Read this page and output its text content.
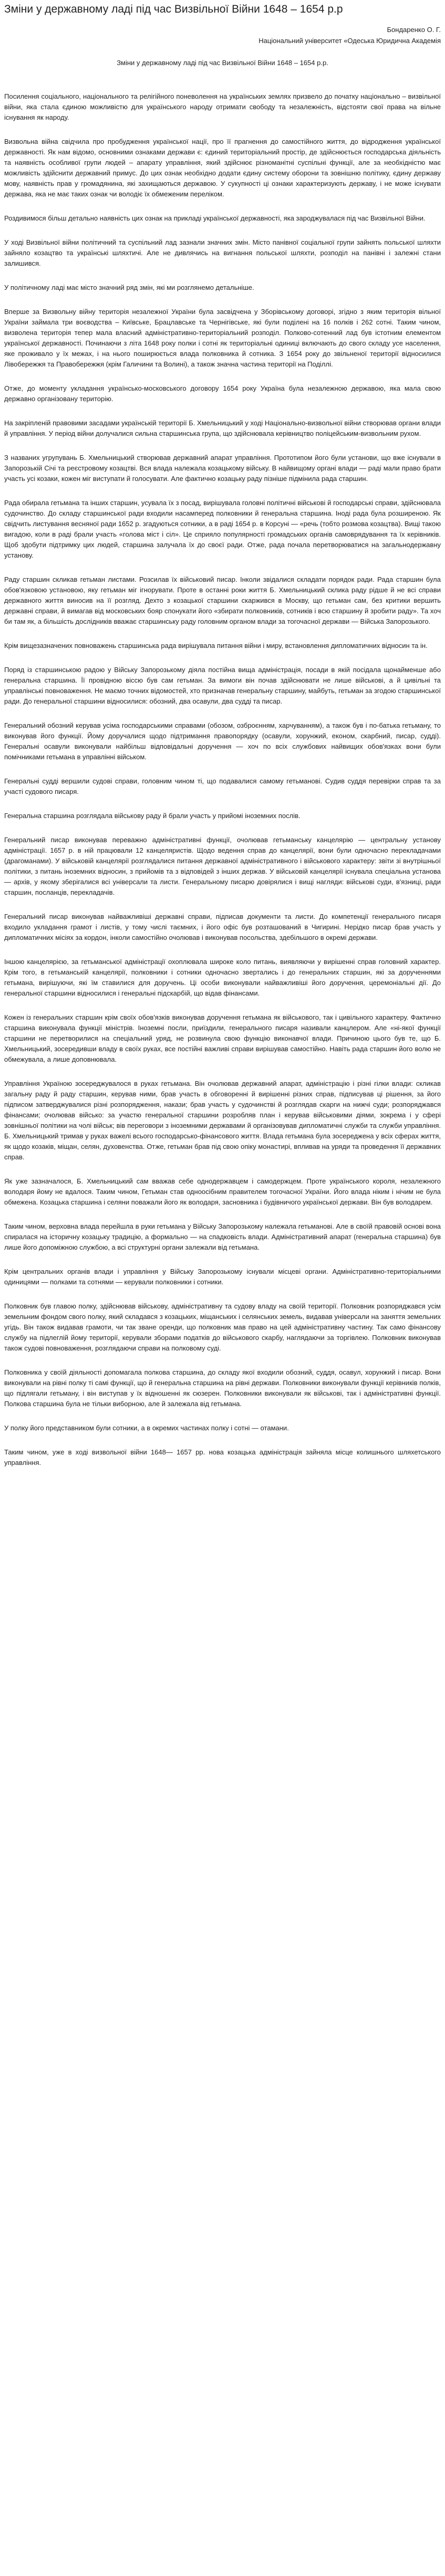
Зміни у державному ладі під час Визвільної Війни 1648 – 1654 р.р
Бондаренко О. Г.
Національний університет «Одеська Юридична Академія
Зміни у державному ладі під час Визвільної Війни 1648 – 1654 р.р.

Посилення соціального, національного та релігійного поневолення на українських землях призвело до початку національно – визвільної війни, яка стала єдиною можливістю для українського народу отримати свободу та незалежність, відстояти свої права на вільне існування як народу.

Визвольна війна свідчила про пробудження української нації, про її прагнення до самостійного життя, до відродження української державності. Як нам відомо, основними ознаками держави є: єдиний територіальний простір, де здійснюється господарська діяльність та наявність особливої групи людей – апарату управління, який здійснює різноманітні суспільні функції, але за необхідністю має можливість здійснити державний примус. До цих ознак необхідно додати єдину систему оборони та зовнішню політику, єдину державу мову, наявність прав у громадянина, які захищаються державою. У сукупності ці ознаки характеризують державу, і не може існувати держава, яка не має таких ознак чи володіє їх обмеженим переліком.

Роздивимося більш детально наявність цих ознак на прикладі української державності, яка зароджувалася під час Визвільної Війни.

У ході Визвільної війни політичний та суспільний лад зазнали значних змін. Місто панівної соціальної групи зайнять польської шляхти зайняло козацтво та українські шляхтичі. Але не дивлячись на вигнання польської шляхти, розподіл на панівні і залежні стани залишився.

У політичному ладі має місто значний ряд змін, які ми розглянемо детальніше.

Вперше за Визвольну війну територія незалежної України була засвідчена у Зборівському договорі, згідно з яким територія вільної України займала три воєводства – Київське, Брацлавське та Чернігівське, які були поділені на 16 полків і 262 сотні. Таким чином, визволена територія тепер мала власний адміністративно-територіальний розподіл. Полково-сотенний лад був істотним елементом української державності. Починаючи з літа 1648 року полки і сотні як територіальні одиниці включають до свого складу усе населення, яке проживало у їх межах, і на нього поширюється влада полковника й сотника. З 1654 року до звільненої території відносилися Лівобережжя та Правобережжя (крім Галичини та Волині), а також значна частина території на Поділлі.

Отже, до моменту укладання українсько-московського договору 1654 року Україна була незалежною державою, яка мала свою державно організовану територію.

На закріпленій правовими засадами українській території Б. Хмельницький у ході Національно-визвольної війни створював органи влади й управління. У період війни долучалися сильна старшинська група, що здійснювала керівництво поліцейським-визвольним рухом.

З названих угрупувань Б. Хмельницький створював державний апарат управління. Прототипом його були установи, що вже існували в Запорозькій Січі та реєстровому козацтві. Вся влада належала козацькому війську. В найвищому органі влади — раді мали право брати участь усі козаки, кожен міг виступати й голосувати. Але фактично козацьку раду пізніше підмінила рада старшин.

Рада обирала гетьмана та інших старшин, усувала їх з посад, вирішувала головні політичні військові й господарські справи, здійснювала судочинство. До складу старшинської ради входили насамперед полковники й генеральна старшина. Іноді рада була розширеною. Як свідчить листування весняної ради 1652 р. згадуються сотники, а в раді 1654 р. в Корсуні — «речь (тобто розмова козацтва). Вищі такою вигадою, коли в раді брали участь «голова міст і сіл». Це сприяло популярності громадських органів самоврядування та їх керівників. Щоб здобути підтримку цих людей, старшина залучала їх до своєї ради. Отже, рада почала перетворюватися на загальнодержавну установу.

Раду старшин скликав гетьман листами. Розсилав їх військовий писар. Інколи звідалися складати порядок ради. Рада старшин була обов'язковою установою, яку гетьман міг ігнорувати. Проте в останні роки життя Б. Хмельницький склика раду рідше й не всі справи державного життя виносив на її розгляд. Дехто з козацької старшини скаржився в Москву, що гетьман сам, без критики вершить державні справи, й вимагав від московських бояр спонукати його «збирати полковників, сотників і всю старшину й зробити раду». Та хоч би там як, а більшість дослідників вважає старшинську раду головним органом влади за тогочасної держави — Війська Запорозького.

Крім вищезазначених повноважень старшинська рада вирішувала питання війни і миру, встановлення дипломатичних відносин та ін.

Поряд із старшинською радою у Війську Запорозькому діяла постійна вища адміністрація, посади в якій посідала щонайменше або генеральна старшина. Її провідною віссю був сам гетьман. За вимоги він почав здійснювати не лише військові, а й цивільні та управлінські повноваження. Не маємо точних відомостей, хто призначав генеральну старшину, майбуть, гетьман за згодою старшинської ради. До генеральної старшини відносилися: обозний, два осавули, два судді та писар.

Генеральний обозний керував усіма господарськими справами (обозом, озброєнням, харчуванням), а також був і по-батька гетьману, то виконував його функції. Йому доручалися щодо підтримання правопорядку (осавули, хорунжий, економ, скарбний, писар, судді). Генеральні осавули виконували найбільш відповідальні доручення — хоч по всіх службових найвищих обов'язках вони були помічниками гетьмана в управлінні військом.

Генеральні судді вершили судові справи, головним чином ті, що подавалися самому гетьманові. Судив суддя перевірки справ та за участі судового писаря.

Генеральна старшина розглядала військову раду й брали участь у прийомі іноземних послів.

Генеральний писар виконував переважно адміністративні функції, очолював гетьманську канцелярію — центральну установу адміністрації. 1657 р. в ній працювали 12 канцеляристів. Щодо ведення справ до канцелярії, вони були одночасно перекладачами (драгоманами). У військовій канцелярії розглядалися питання державної адміністративного і військового характеру: звіти зі внутрішньої політики, з питань іноземних відносин, з прийомів та з відповідей з інших держав. У військовій канцелярії існувала спеціальна установа — архів, у якому зберігалися всі універсали та листи. Генеральному писарю довірялися і вищі нагляди: військові суди, в'язниці, ради старшин, посланців, перекладачів.

Генеральний писар виконував найважливіші державні справи, підписав документи та листи. До компетенції генерального писаря входило укладання грамот і листів, у тому числі таємних, і його офіс був розташований в Чигирині. Нерідко писар брав участь у дипломатичних місіях за кордон, інколи самостійно очолював і виконував посольства, здебільшого в окремі держави.

Іншою канцелярією, за гетьманської адміністрації охоплювала широке коло питань, виявляючи у вирішенні справ головний характер. Крім того, в гетьманській канцелярії, полковники і сотники одночасно звертались і до генеральних старшин, які за дорученнями гетьмана, вирішуючи, які їм ставилися для доручень. Ці особи виконували найважливіші його доручення, церемоніальні дії. До генеральної старшини відносилися і генеральні підскарбій, що відав фінансами.

Кожен із генеральних старшин крім своїх обов'язків виконував доручення гетьмана як військового, так і цивільного характеру. Фактично старшина виконувала функції міністрів. Іноземні посли, приїздили, генерального писаря називали канцлером. Але «ні-якої функції старшини не перетворилися на спеціальний уряд, не розвинула свою функцію виконавчої влади. Причиною цього був те, що Б. Хмельницький, зосередивши владу в своїх руках, все постійні важливі справи вирішував самостійно. Навіть рада старшин його волю не обмежувала, а лише доповнювала.

Управління Україною зосереджувалося в руках гетьмана. Він очолював державний апарат, адміністрацію і різні гілки влади: скликав загальну раду й раду старшин, керував ними, брав участь в обговоренні й вирішенні різних справ, підписував ці рішення, за його підписом затверджувалися різні розпорядження, накази; брав участь у судочинстві й розглядав скарги на нижчі суди; розпоряджався фінансами; очолював військо: за участю генеральної старшини розробляв план і керував військовими діями, зокрема і у сфері зовнішньої політики на чолі військ; вів переговори з іноземними державами й організовував дипломатичні служби та служби управління. Б. Хмельницький тримав у руках важелі всього господарсько-фінансового життя. Влада гетьмана була зосереджена у всіх сферах життя, як щодо козаків, міщан, селян, духовенства. Отже, гетьман брав під свою опіку монастирі, впливав на уряди та проведення її державних справ.

Як уже зазначалося, Б. Хмельницький сам вважав себе однодержавцем і самодержцем. Проте українського короля, незалежного володаря йому не вдалося. Таким чином, Гетьман став одноосібним правителем тогочасної України. Його влада ніким і нічим не була обмежена. Козацька старшина і селяни поважали його як володаря, засновника і будівничого української держави. Він був володарем.

Таким чином, верховна влада перейшла в руки гетьмана у Війську Запорозькому належала гетьманові. Але в своїй правовій основі вона спиралася на історичну козацьку традицію, а формально — на спадковість влади. Адміністративний апарат (генеральна старшина) був лише його допоміжною службою, а всі структурні органи залежали від гетьмана.

Крім центральних органів влади і управління у Війську Запорозькому існували місцеві органи. Адміністративно-територіальними одиницями — полками та сотнями — керували полковники і сотники.

Полковник був главою полку, здійснював військову, адміністративну та судову владу на своїй території. Полковник розпоряджався усім земельним фондом свого полку, який складався з козацьких, міщанських і селянських земель, видавав універсали на заняття земельних угідь. Він також видавав грамоти, чи так зване оренди, що полковник мав право на цей адміністративну частину. Так само фінансову службу на підлеглій йому території, керували зборами податків до військового скарбу, наглядаючи за торгівлею. Полковник виконував також судові повноваження, розглядаючи справи на полковому суді.

Полковника у своїй діяльності допомагала полкова старшина, до складу якої входили обозний, суддя, осавул, хорунжий і писар. Вони виконували на рівні полку ті самі функції, що й генеральна старшина на рівні держави. Полковники виконували функції керівників полків, що підлягали гетьману, і він виступав у їх відношенні як сюзерен. Полковники виконували як військові, так і адміністративні функції. Полкова старшина була не тільки виборною, але й залежала від гетьмана.

У полку його представником були сотники, а в окремих частинах полку і сотні — отамани.

Таким чином, уже в ході визвольної війни 1648— 1657 рр. нова козацька адміністрація зайняла місце колишнього шляхетського управління.
